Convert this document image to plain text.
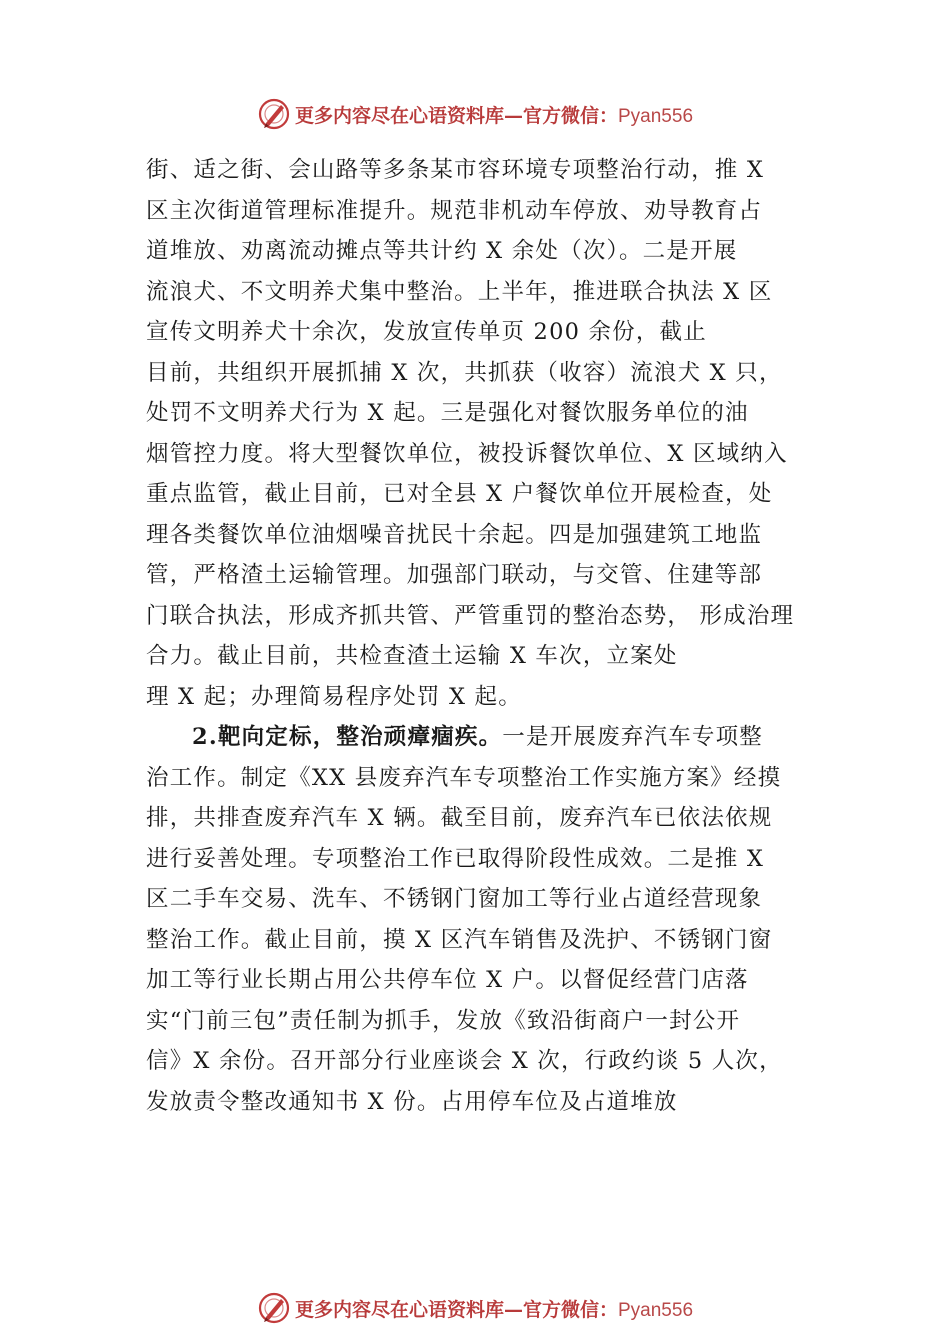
更多内容尽在心语资料库—官方微信：Pyan556
街、适之街、会山路等多条某市容环境专项整治行动，推 X
区主次街道管理标准提升。规范非机动车停放、劝导教育占
道堆放、劝离流动摊点等共计约 X 余处（次）。二是开展
流浪犬、不文明养犬集中整治。上半年，推进联合执法 X 区
宣传文明养犬十余次，发放宣传单页 200 余份，截止
目前，共组织开展抓捕 X 次，共抓获（收容）流浪犬 X 只，
处罚不文明养犬行为 X 起。三是强化对餐饮服务单位的油
烟管控力度。将大型餐饮单位，被投诉餐饮单位、X 区域纳入
重点监管，截止目前，已对全县 X 户餐饮单位开展检查，处
理各类餐饮单位油烟噪音扰民十余起。四是加强建筑工地监
管，严格渣土运输管理。加强部门联动，与交管、住建等部
门联合执法，形成齐抓共管、严管重罚的整治态势， 形成治理
合力。截止目前，共检查渣土运输 X 车次，立案处
理 X 起；办理简易程序处罚 X 起。
2.靶向定标，整治顽瘴痼疾。一是开展废弃汽车专项整
治工作。制定《XX 县废弃汽车专项整治工作实施方案》经摸
排，共排查废弃汽车 X 辆。截至目前，废弃汽车已依法依规
进行妥善处理。专项整治工作已取得阶段性成效。二是推 X
区二手车交易、洗车、不锈钢门窗加工等行业占道经营现象
整治工作。截止目前，摸 X 区汽车销售及洗护、不锈钢门窗
加工等行业长期占用公共停车位 X 户。以督促经营门店落
实“门前三包”责任制为抓手，发放《致沿街商户一封公开
信》X 余份。召开部分行业座谈会 X 次，行政约谈 5 人次，
发放责令整改通知书 X 份。占用停车位及占道堆放
更多内容尽在心语资料库—官方微信：Pyan556
